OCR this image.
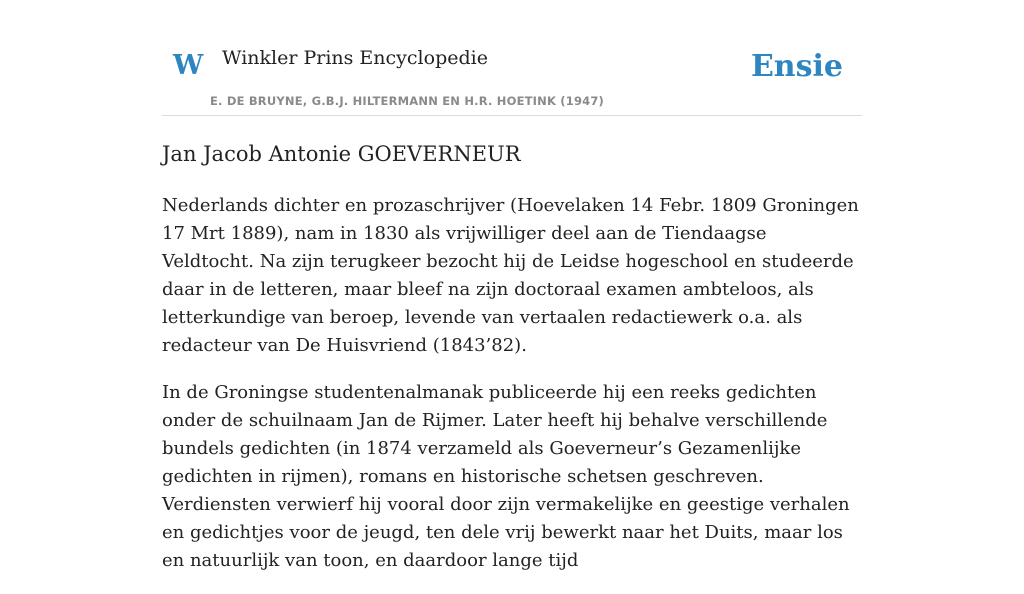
W Winkler Prins Encyclopedie
E. DE BRUYNE, G.B.J. HILTERMANN EN H.R. HOETINK (1947)
Ensie
Jan Jacob Antonie GOEVERNEUR

Nederlands dichter en prozaschrijver (Hoevelaken 14 Febr. 1809 Groningen 17 Mrt 1889), nam in 1830 als vrijwilliger deel aan de Tiendaagse Veldtocht. Na zijn terugkeer bezocht hij de Leidse hogeschool en studeerde daar in de letteren, maar bleef na zijn doctoraal examen ambteloos, als letterkundige van beroep, levende van vertaalen redactiewerk o.a. als redacteur van De Huisvriend (1843’82).

In de Groningse studentenalmanak publiceerde hij een reeks gedichten onder de schuilnaam Jan de Rijmer. Later heeft hij behalve verschillende bundels gedichten (in 1874 verzameld als Goeverneur’s Gezamenlijke gedichten in rijmen), romans en historische schetsen geschreven. Verdiensten verwierf hij vooral door zijn vermakelijke en geestige verhalen en gedichtjes voor de jeugd, ten dele vrij bewerkt naar het Duits, maar los en natuurlijk van toon, en daardoor lange tijd
